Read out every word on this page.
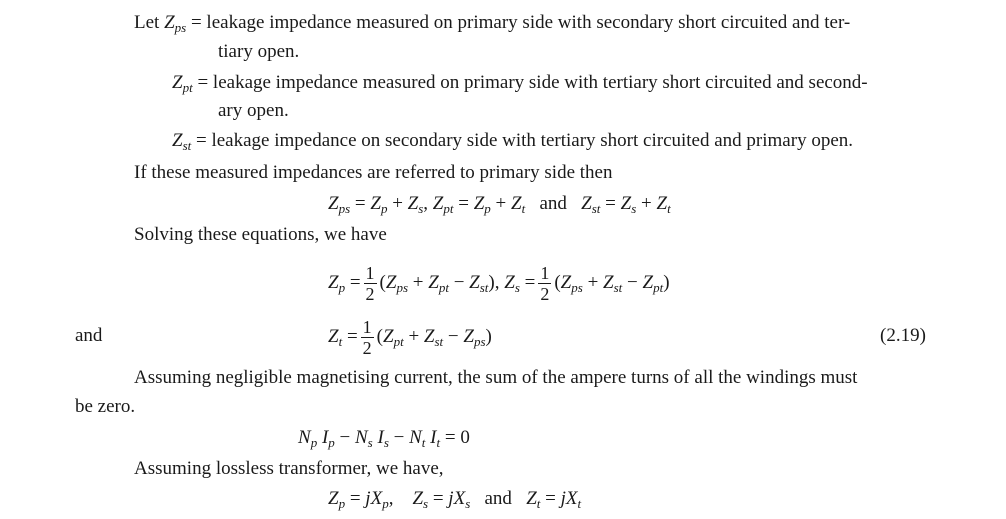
Let $Z_{ps}$ = leakage impedance measured on primary side with secondary short circuited and ter-
tiary open.
$Z_{pt}$ = leakage impedance measured on primary side with tertiary short circuited and second-
ary open.
$Z_{st}$ = leakage impedance on secondary side with tertiary short circuited and primary open.
If these measured impedances are referred to primary side then
$Z_{ps} = Z_p + Z_s$, $Z_{pt} = Z_p + Z_t$ and $Z_{st} = Z_s + Z_t$
Solving these equations, we have
$Z_p = \frac{1}{2} (Z_{ps} + Z_{pt} - Z_{st})$, $Z_s = \frac{1}{2} (Z_{ps} + Z_{st} - Z_{pt})$
and	$Z_t = \frac{1}{2} (Z_{pt} + Z_{st} - Z_{ps})$	(2.19)
Assuming negligible magnetising current, the sum of the ampere turns of all the windings must
be zero.
$N_p$ $I_p - N_s$ $I_s - N_t$ $I_t = 0$
Assuming lossless transformer, we have,
$Z_p = jX_p$,    $Z_s = jX_s$ and $Z_t = jX_t$
